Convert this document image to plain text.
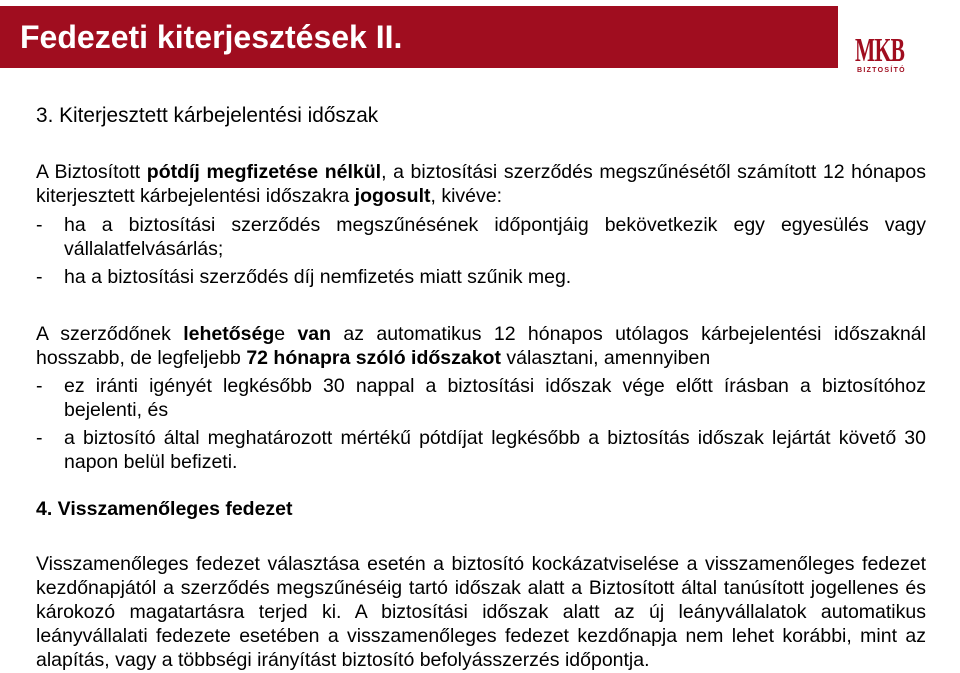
Fedezeti kiterjesztések II.	MKB
BIZTOSÍTÓ
3. Kiterjesztett kárbejelentési időszak
A Biztosított pótdíj megfizetése nélkül, a biztosítási szerződés megszűnésétől számított 12 hónapos
kiterjesztett kárbejelentési időszakra jogosult, kivéve:
- ha a biztosítási szerződés megszűnésének időpontjáig bekövetkezik egy egyesülés vagy
vállalatfelvásárlás;
- ha a biztosítási szerződés díj nemfizetés miatt szűnik meg.
A szerződőnek lehetősége van az automatikus 12 hónapos utólagos kárbejelentési időszaknál
hosszabb, de legfeljebb 72 hónapra szóló időszakot választani, amennyiben
- ez iránti igényét legkésőbb 30 nappal a biztosítási időszak vége előtt írásban a biztosítóhoz
bejelenti, és
- a biztosító által meghatározott mértékű pótdíjat legkésőbb a biztosítás időszak lejártát követő 30
napon belül befizeti.
4. Visszamenőleges fedezet
Visszamenőleges fedezet választása esetén a biztosító kockázatviselése a visszamenőleges fedezet
kezdőnapjától a szerződés megszűnéséig tartó időszak alatt a Biztosított által tanúsított jogellenes és
károkozó magatartásra terjed ki. A biztosítási időszak alatt az új leányvállalatok automatikus
leányvállalati fedezete esetében a visszamenőleges fedezet kezdőnapja nem lehet korábbi, mint az
alapítás, vagy a többségi irányítást biztosító befolyásszerzés időpontja.
